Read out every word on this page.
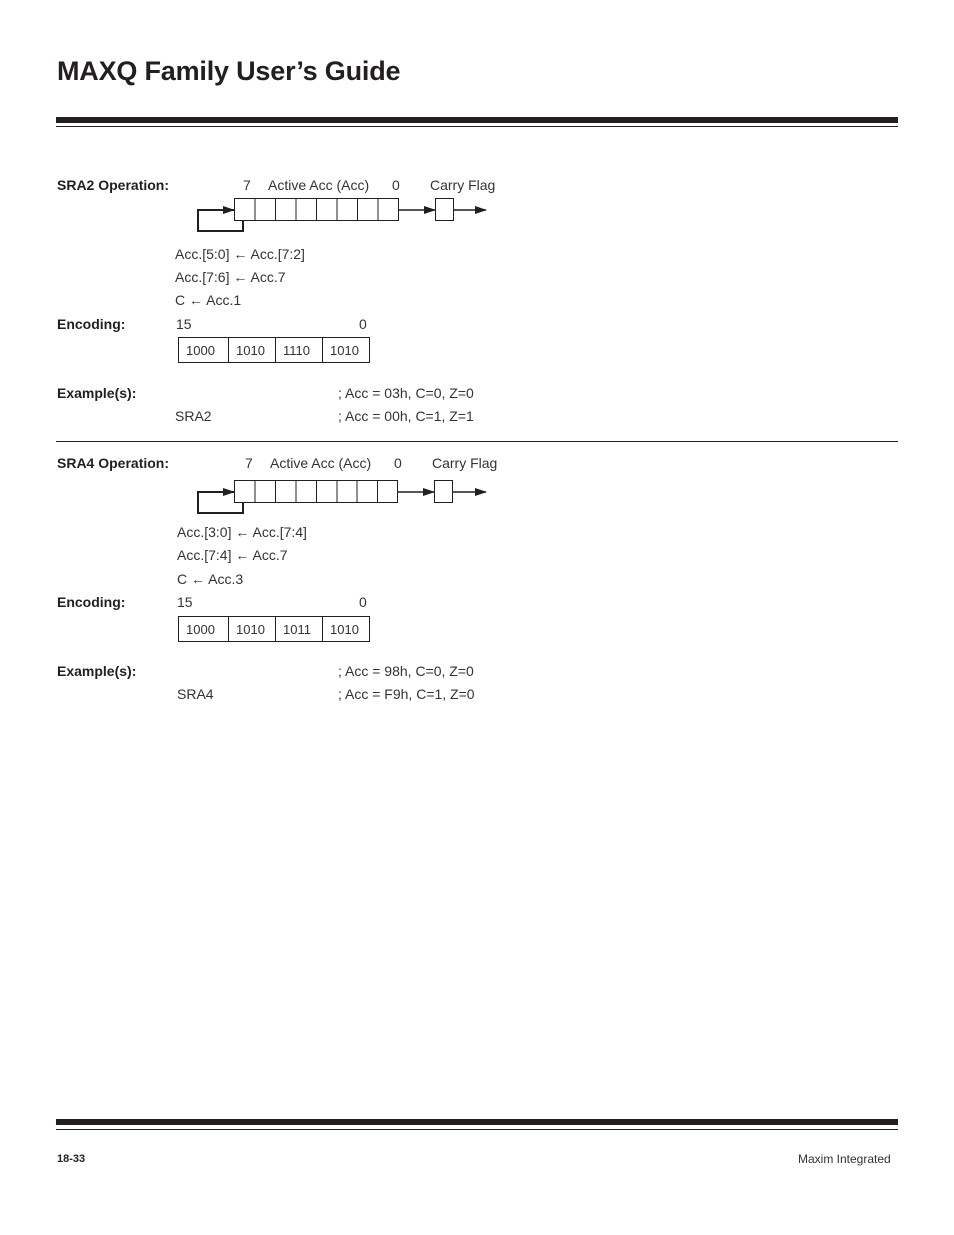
MAXQ Family User’s Guide
SRA2 Operation:	7 Active Acc (Acc) 0 Carry Flag
Acc.[5:0] ← Acc.[7:2]
Acc.[7:6] ← Acc.7
C ← Acc.1
Encoding:	15	0
1000	1010	1110	1010
Example(s):	; Acc = 03h, C=0, Z=0
SRA2	; Acc = 00h, C=1, Z=1
SRA4 Operation:	7 Active Acc (Acc) 0 Carry Flag
Acc.[3:0] ← Acc.[7:4]
Acc.[7:4] ← Acc.7
C ← Acc.3
Encoding:	15	0
1000	1010	1011	1010
Example(s):	; Acc = 98h, C=0, Z=0
SRA4	; Acc = F9h, C=1, Z=0
18-33	Maxim Integrated
